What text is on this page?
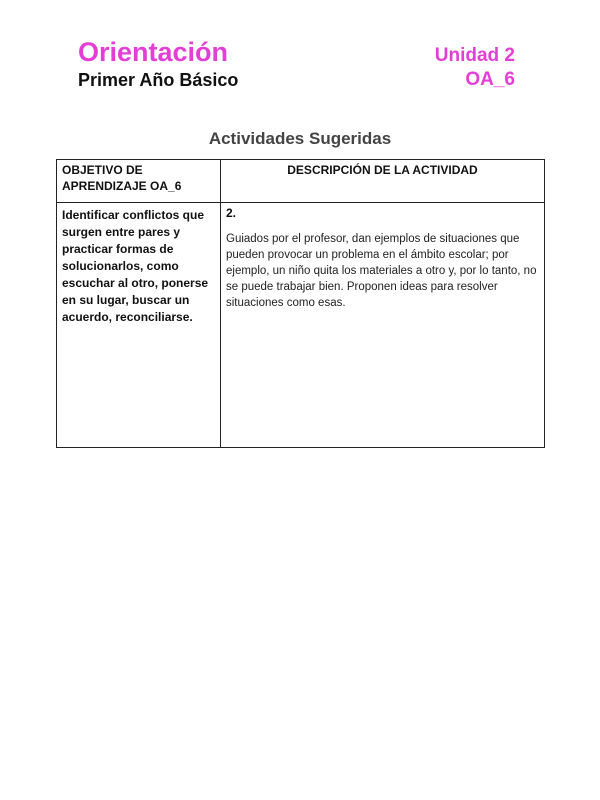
Orientación
Primer Año Básico
Unidad 2
OA_6
Actividades Sugeridas
OBJETIVO DE APRENDIZAJE OA_6	DESCRIPCIÓN DE LA ACTIVIDAD

Identificar conflictos que surgen entre pares y practicar formas de solucionarlos, como escuchar al otro, ponerse en su lugar, buscar un acuerdo, reconciliarse.	2.

Guiados por el profesor, dan ejemplos de situaciones que pueden provocar un problema en el ámbito escolar; por ejemplo, un niño quita los materiales a otro y, por lo tanto, no se puede trabajar bien. Proponen ideas para resolver situaciones como esas.
